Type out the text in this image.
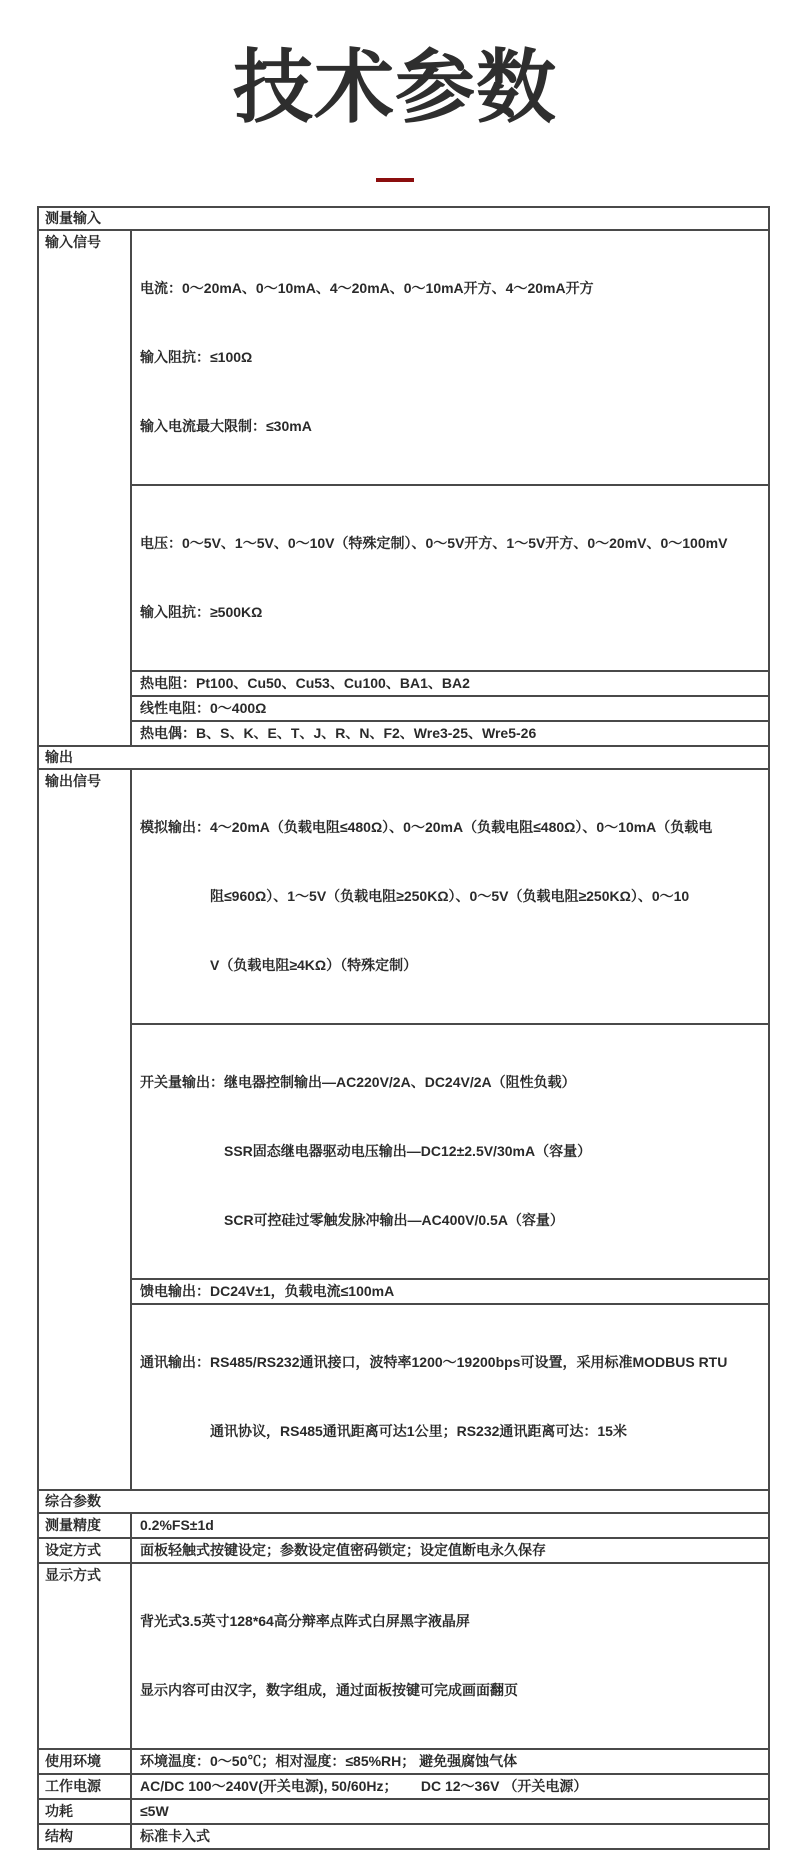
技术参数
测量输入	
输入信号	电流：0～20mA、0～10mA、4～20mA、0～10mA开方、4～20mA开方

输入阻抗：≤100Ω

输入电流最大限制：≤30mA

	电压：0～5V、1～5V、0～10V（特殊定制）、0～5V开方、1～5V开方、0～20mV、0～100mV

输入阻抗：≥500KΩ

	热电阻：Pt100、Cu50、Cu53、Cu100、BA1、BA2
	线性电阻：0～400Ω
	热电偶：B、S、K、E、T、J、R、N、F2、Wre3-25、Wre5-26
输出	
输出信号	模拟输出：4～20mA（负载电阻≤480Ω）、0～20mA（负载电阻≤480Ω）、0～10mA（负载电

阻≤960Ω）、1～5V（负载电阻≥250KΩ）、0～5V（负载电阻≥250KΩ）、0～10

V（负载电阻≥4KΩ）（特殊定制）

	开关量输出：继电器控制输出—AC220V/2A、DC24V/2A（阻性负载）

SSR固态继电器驱动电压输出—DC12±2.5V/30mA（容量）

SCR可控硅过零触发脉冲输出—AC400V/0.5A（容量）

	馈电输出：DC24V±1，负载电流≤100mA

	通讯输出：RS485/RS232通讯接口，波特率1200～19200bps可设置，采用标准MODBUS RTU

通讯协议，RS485通讯距离可达1公里；RS232通讯距离可达：15米

综合参数	
测量精度	0.2%FS±1d
设定方式	面板轻触式按键设定；参数设定值密码锁定；设定值断电永久保存
显示方式	背光式3.5英寸128*64高分辩率点阵式白屏黑字液晶屏

显示内容可由汉字，数字组成，通过面板按键可完成画面翻页

使用环境	环境温度：0～50℃；相对湿度：≤85%RH； 避免强腐蚀气体
工作电源	AC/DC 100～240V(开关电源), 50/60Hz；      DC 12～36V （开关电源）
功耗	≤5W
结构	标准卡入式
